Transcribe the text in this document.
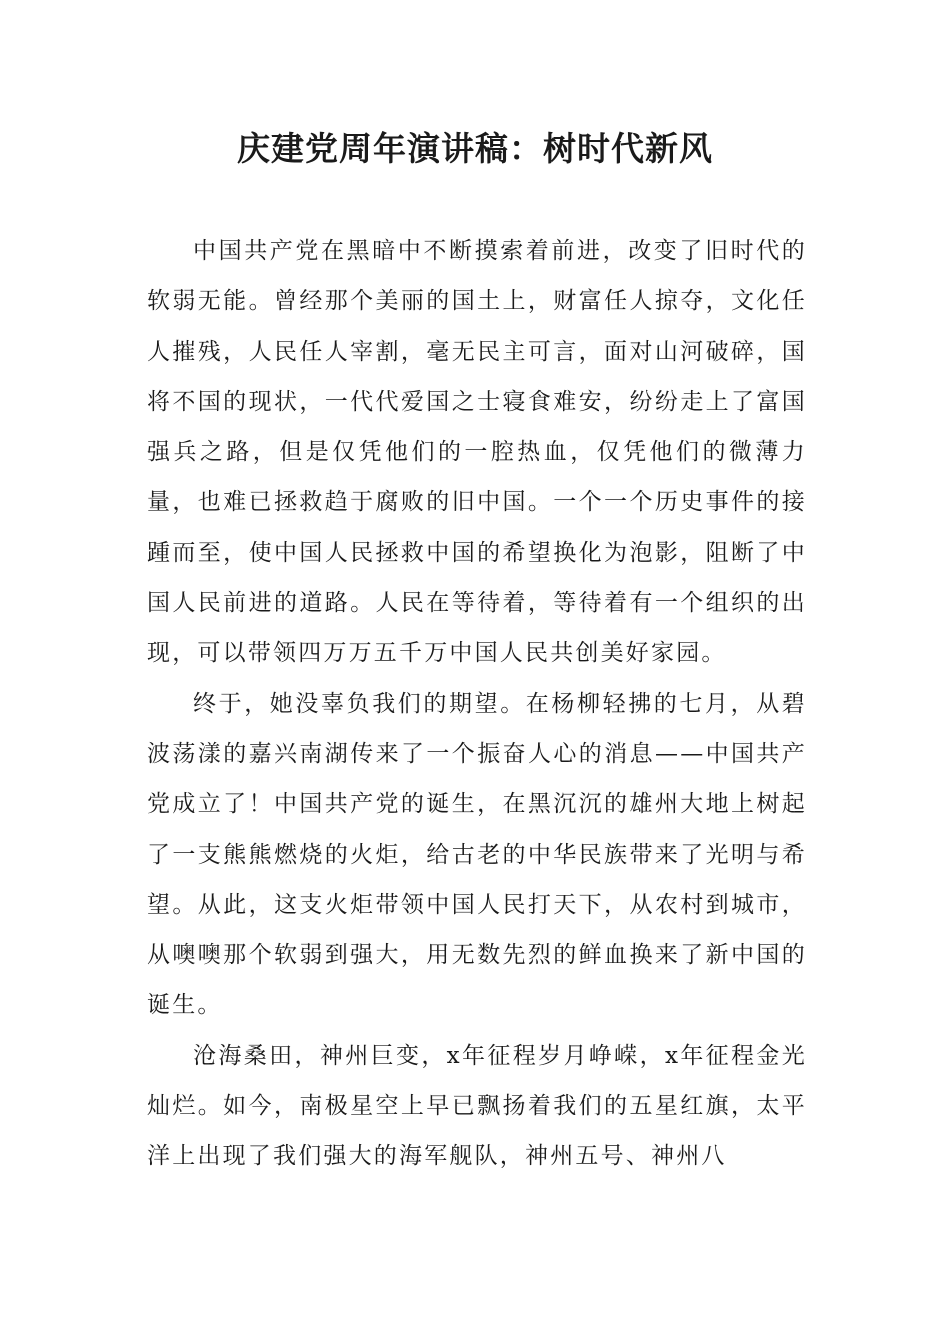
庆建党周年演讲稿：树时代新风

中国共产党在黑暗中不断摸索着前进，改变了旧时代的软弱无能。曾经那个美丽的国土上，财富任人掠夺，文化任人摧残，人民任人宰割，毫无民主可言，面对山河破碎，国将不国的现状，一代代爱国之士寝食难安，纷纷走上了富国强兵之路，但是仅凭他们的一腔热血，仅凭他们的微薄力量，也难已拯救趋于腐败的旧中国。一个一个历史事件的接踵而至，使中国人民拯救中国的希望换化为泡影，阻断了中国人民前进的道路。人民在等待着，等待着有一个组织的出现，可以带领四万万五千万中国人民共创美好家园。

终于，她没辜负我们的期望。在杨柳轻拂的七月，从碧波荡漾的嘉兴南湖传来了一个振奋人心的消息——中国共产党成立了！中国共产党的诞生，在黑沉沉的雄州大地上树起了一支熊熊燃烧的火炬，给古老的中华民族带来了光明与希望。从此，这支火炬带领中国人民打天下，从农村到城市，从噢噢那个软弱到强大，用无数先烈的鲜血换来了新中国的诞生。

沧海桑田，神州巨变，x年征程岁月峥嵘，x年征程金光灿烂。如今，南极星空上早已飘扬着我们的五星红旗，太平洋上出现了我们强大的海军舰队，神州五号、神州八
